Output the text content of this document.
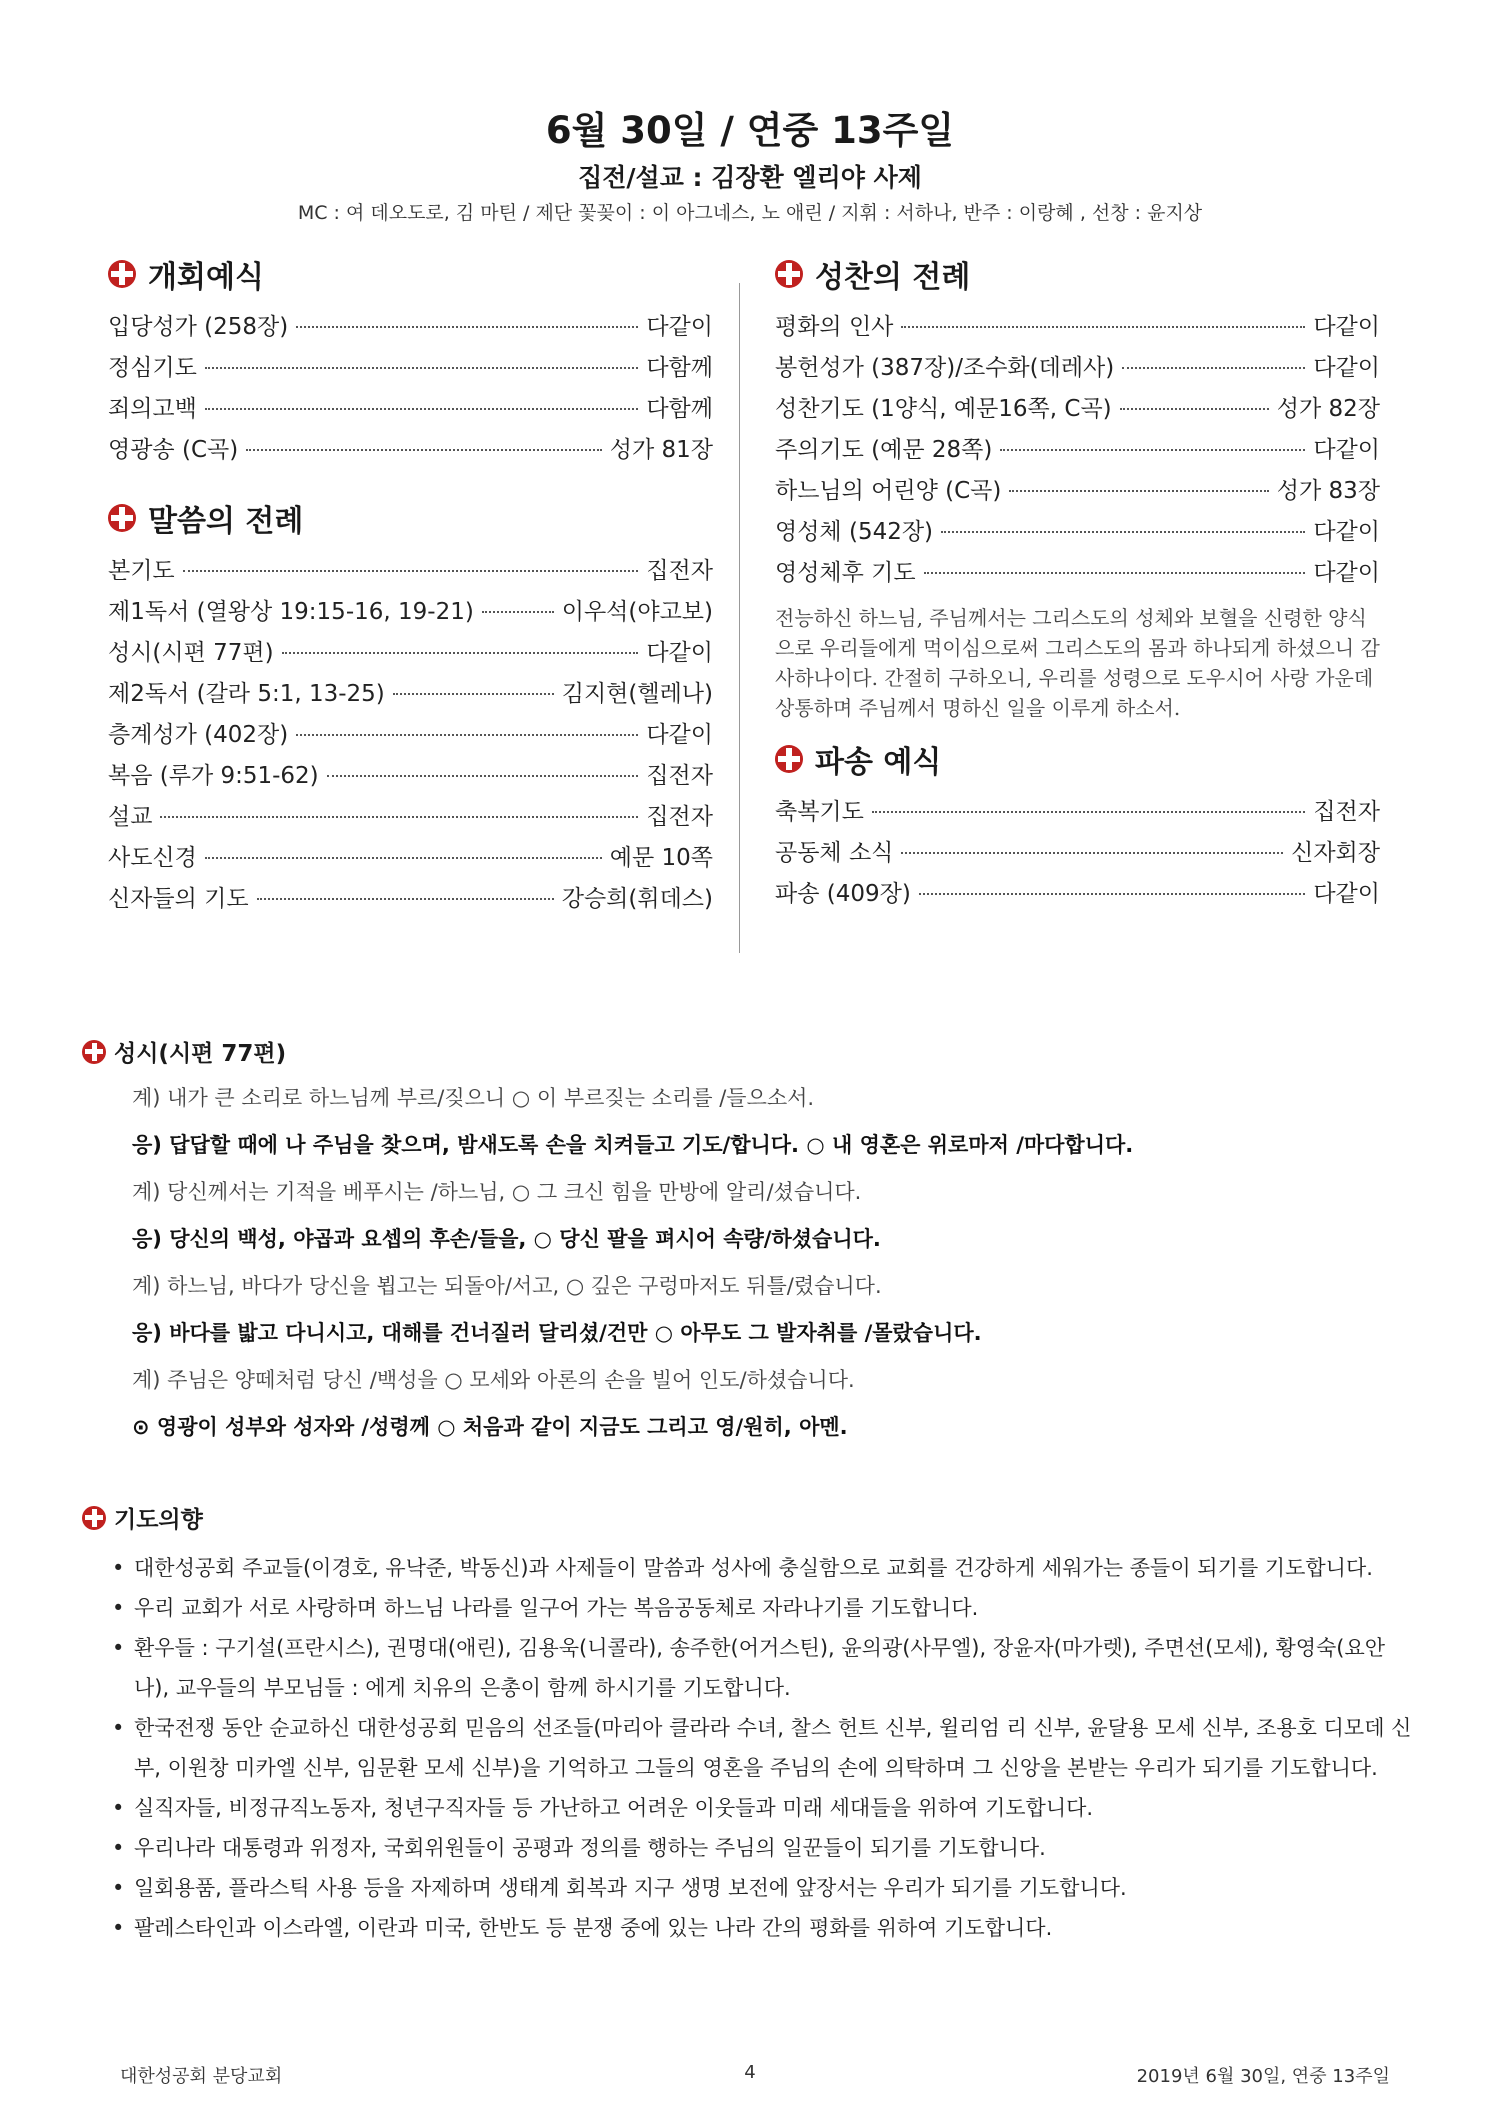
6월 30일 / 연중 13주일
집전/설교 : 김장환 엘리야 사제
MC : 여 데오도로, 김 마틴 / 제단 꽃꽂이 : 이 아그네스, 노 애린 / 지휘 : 서하나, 반주 : 이랑혜 , 선창 : 윤지상
개회예식
입당성가 (258장)	다같이
정심기도	다함께
죄의고백	다함께
영광송 (C곡)	성가 81장
말씀의 전례
본기도	집전자
제1독서 (열왕상 19:15-16, 19-21)	이우석(야고보)
성시(시편 77편)	다같이
제2독서 (갈라 5:1, 13-25)	김지현(헬레나)
층계성가 (402장)	다같이
복음 (루가 9:51-62)	집전자
설교	집전자
사도신경	예문 10쪽
신자들의 기도	강승희(휘데스)
성찬의 전례
평화의 인사	다같이
봉헌성가 (387장)/조수화(데레사)	다같이
성찬기도 (1양식, 예문16쪽, C곡)	성가 82장
주의기도 (예문 28쪽)	다같이
하느님의 어린양 (C곡)	성가 83장
영성체 (542장)	다같이
영성체후 기도	다같이
전능하신 하느님, 주님께서는 그리스도의 성체와 보혈을 신령한 양식으로 우리들에게 먹이심으로써 그리스도의 몸과 하나되게 하셨으니 감사하나이다. 간절히 구하오니, 우리를 성령으로 도우시어 사랑 가운데 상통하며 주님께서 명하신 일을 이루게 하소서.
파송 예식
축복기도	집전자
공동체 소식	신자회장
파송 (409장)	다같이
성시(시편 77편)
계) 내가 큰 소리로 하느님께 부르/짖으니 ○ 이 부르짖는 소리를 /들으소서.
응) 답답할 때에 나 주님을 찾으며, 밤새도록 손을 치켜들고 기도/합니다. ○ 내 영혼은 위로마저 /마다합니다.
계) 당신께서는 기적을 베푸시는 /하느님, ○ 그 크신 힘을 만방에 알리/셨습니다.
응) 당신의 백성, 야곱과 요셉의 후손/들을, ○ 당신 팔을 펴시어 속량/하셨습니다.
계) 하느님, 바다가 당신을 뵙고는 되돌아/서고, ○ 깊은 구렁마저도 뒤틀/렸습니다.
응) 바다를 밟고 다니시고, 대해를 건너질러 달리셨/건만 ○ 아무도 그 발자취를 /몰랐습니다.
계) 주님은 양떼처럼 당신 /백성을 ○ 모세와 아론의 손을 빌어 인도/하셨습니다.
⊙ 영광이 성부와 성자와 /성령께 ○ 처음과 같이 지금도 그리고 영/원히, 아멘.
기도의향
• 대한성공회 주교들(이경호, 유낙준, 박동신)과 사제들이 말씀과 성사에 충실함으로 교회를 건강하게 세워가는 종들이 되기를 기도합니다.
• 우리 교회가 서로 사랑하며 하느님 나라를 일구어 가는 복음공동체로 자라나기를 기도합니다.
• 환우들 : 구기설(프란시스), 권명대(애린), 김용욱(니콜라), 송주한(어거스틴), 윤의광(사무엘), 장윤자(마가렛), 주면선(모세), 황영숙(요안나), 교우들의 부모님들 : 에게 치유의 은총이 함께 하시기를 기도합니다.
• 한국전쟁 동안 순교하신 대한성공회 믿음의 선조들(마리아 클라라 수녀, 찰스 헌트 신부, 윌리엄 리 신부, 윤달용 모세 신부, 조용호 디모데 신부, 이원창 미카엘 신부, 임문환 모세 신부)을 기억하고 그들의 영혼을 주님의 손에 의탁하며 그 신앙을 본받는 우리가 되기를 기도합니다.
• 실직자들, 비정규직노동자, 청년구직자들 등 가난하고 어려운 이웃들과 미래 세대들을 위하여 기도합니다.
• 우리나라 대통령과 위정자, 국회위원들이 공평과 정의를 행하는 주님의 일꾼들이 되기를 기도합니다.
• 일회용품, 플라스틱 사용 등을 자제하며 생태계 회복과 지구 생명 보전에 앞장서는 우리가 되기를 기도합니다.
• 팔레스타인과 이스라엘, 이란과 미국, 한반도 등 분쟁 중에 있는 나라 간의 평화를 위하여 기도합니다.
대한성공회 분당교회	4	2019년 6월 30일, 연중 13주일
